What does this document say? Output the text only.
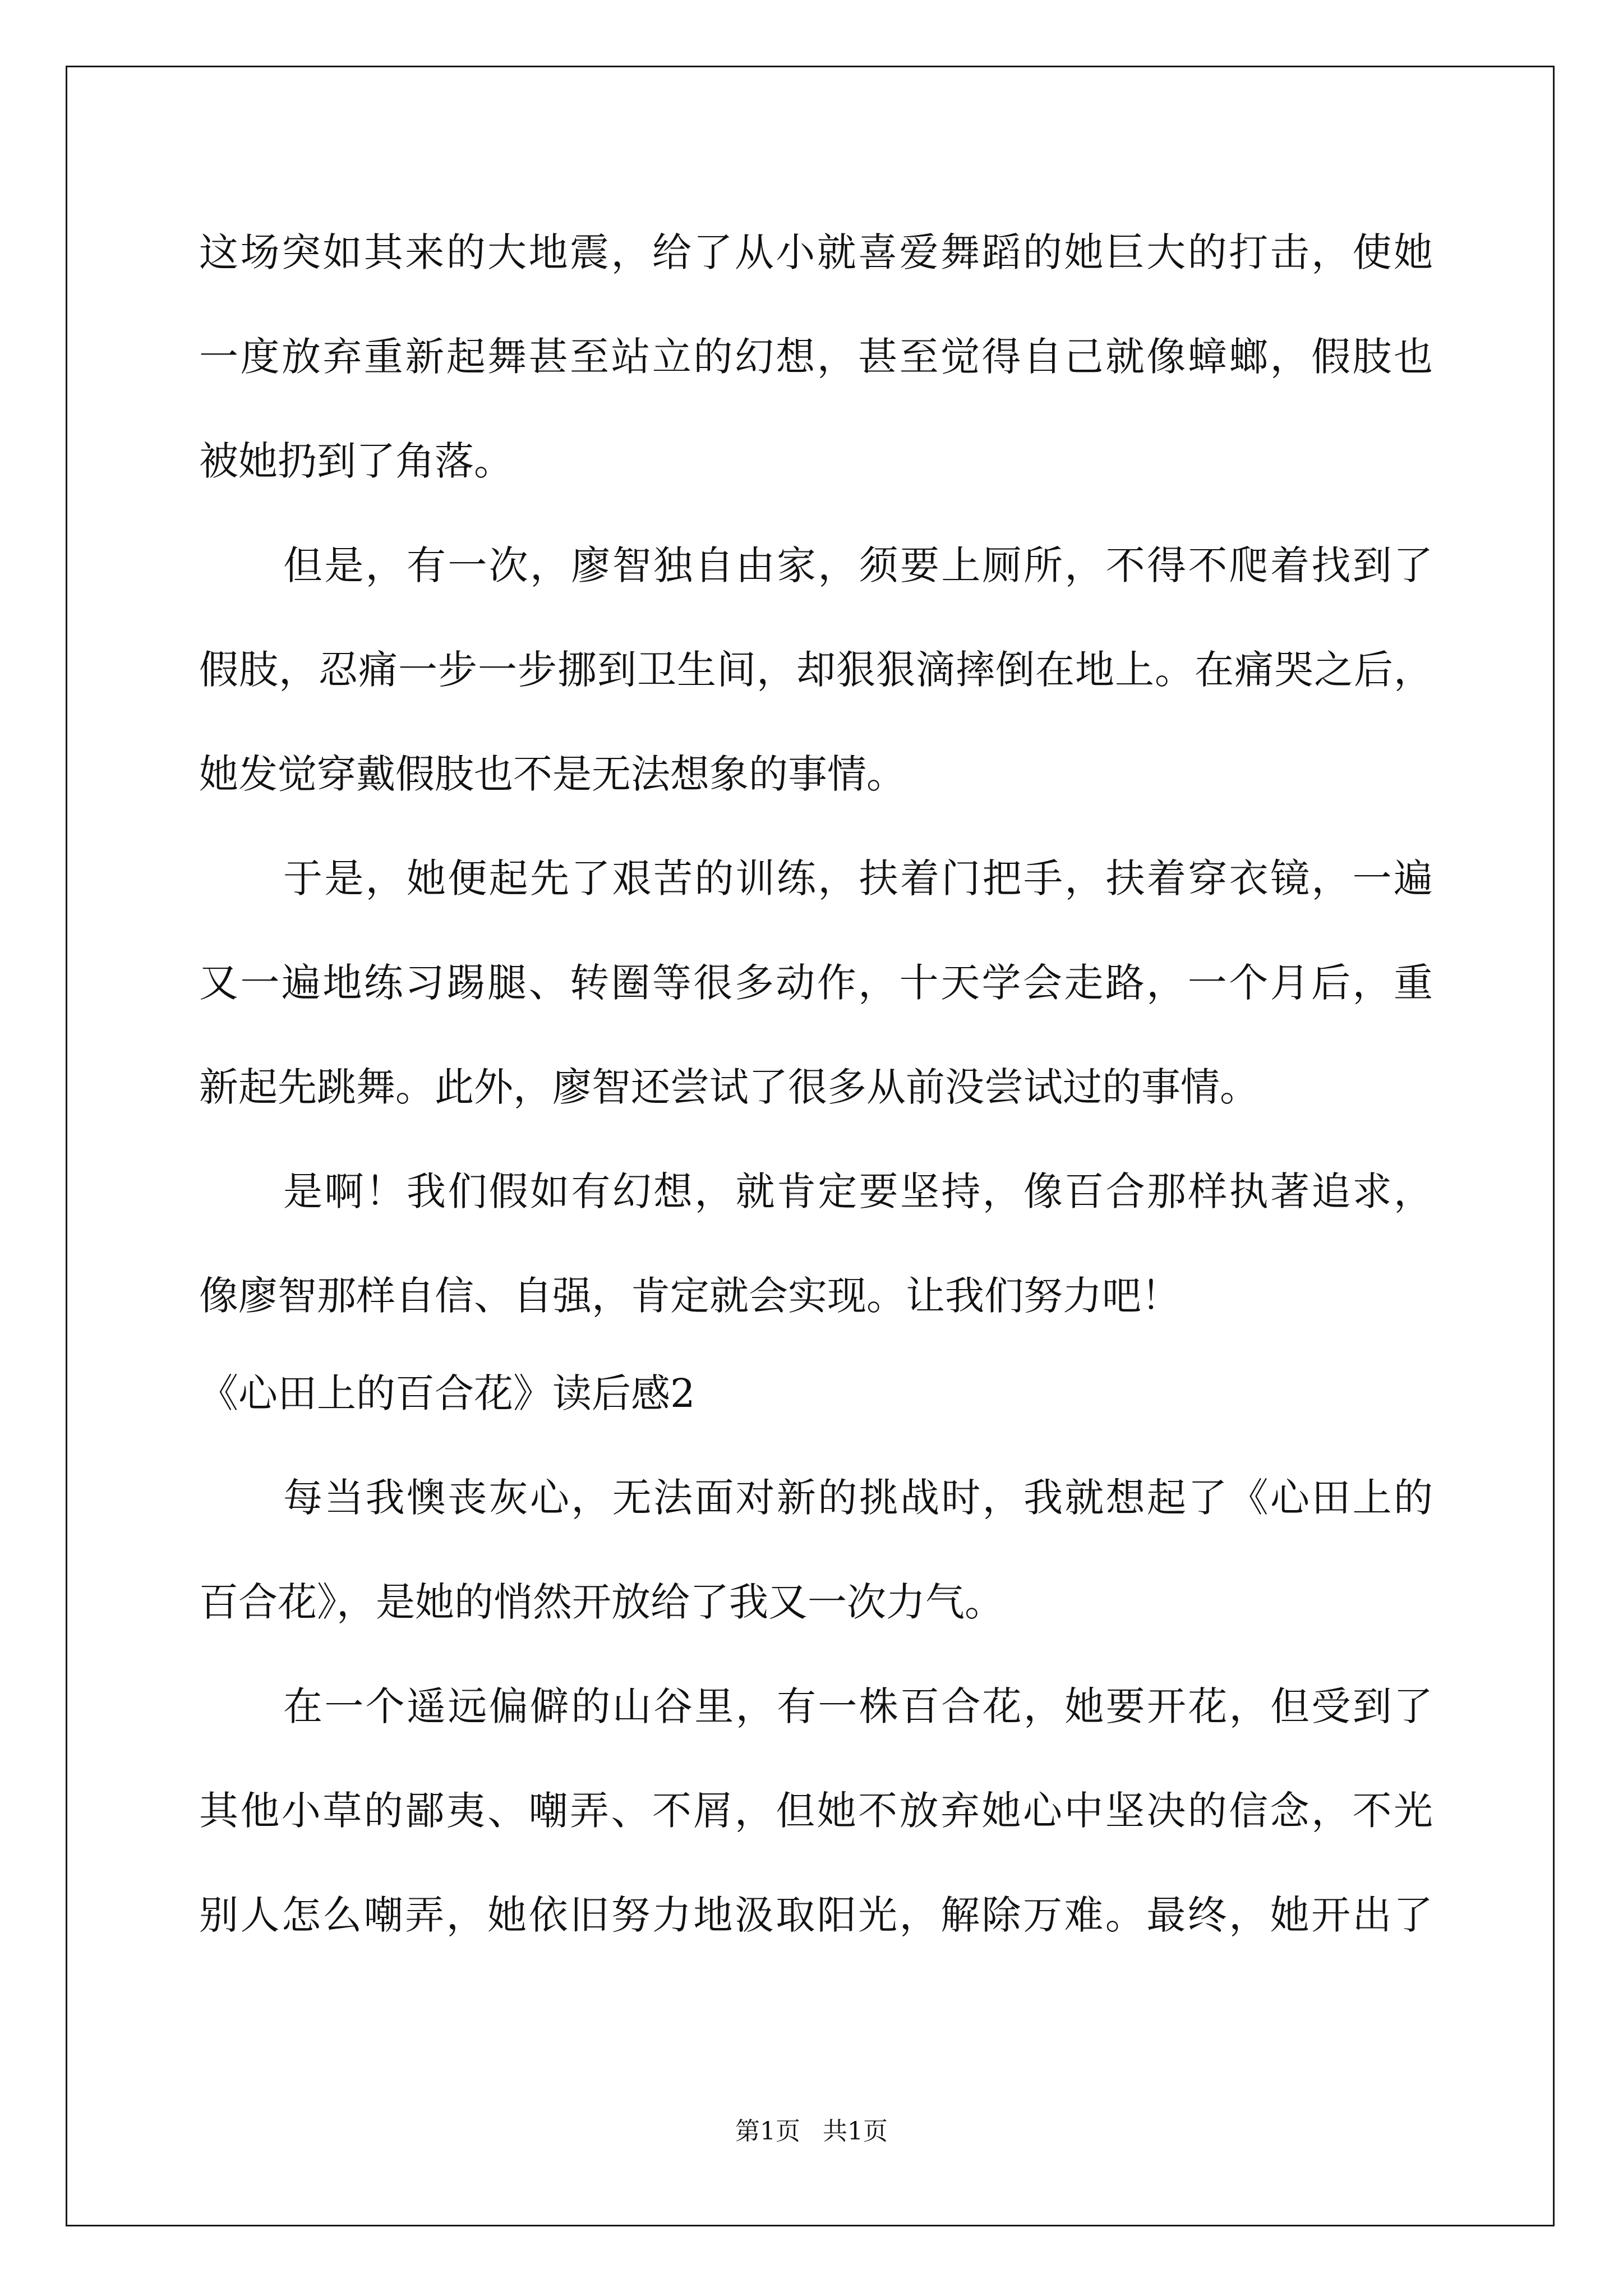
这场突如其来的大地震，给了从小就喜爱舞蹈的她巨大的打击，使她
一度放弃重新起舞甚至站立的幻想，甚至觉得自己就像蟑螂，假肢也
被她扔到了角落。
但是，有一次，廖智独自由家，须要上厕所，不得不爬着找到了
假肢，忍痛一步一步挪到卫生间，却狠狠滴摔倒在地上。在痛哭之后，
她发觉穿戴假肢也不是无法想象的事情。
于是，她便起先了艰苦的训练，扶着门把手，扶着穿衣镜，一遍
又一遍地练习踢腿、转圈等很多动作，十天学会走路，一个月后，重
新起先跳舞。此外，廖智还尝试了很多从前没尝试过的事情。
是啊！我们假如有幻想，就肯定要坚持，像百合那样执著追求，
像廖智那样自信、自强，肯定就会实现。让我们努力吧！
《心田上的百合花》读后感2
每当我懊丧灰心，无法面对新的挑战时，我就想起了《心田上的
百合花》，是她的悄然开放给了我又一次力气。
在一个遥远偏僻的山谷里，有一株百合花，她要开花，但受到了
其他小草的鄙夷、嘲弄、不屑，但她不放弃她心中坚决的信念，不光
别人怎么嘲弄，她依旧努力地汲取阳光，解除万难。最终，她开出了
第1页 共1页
